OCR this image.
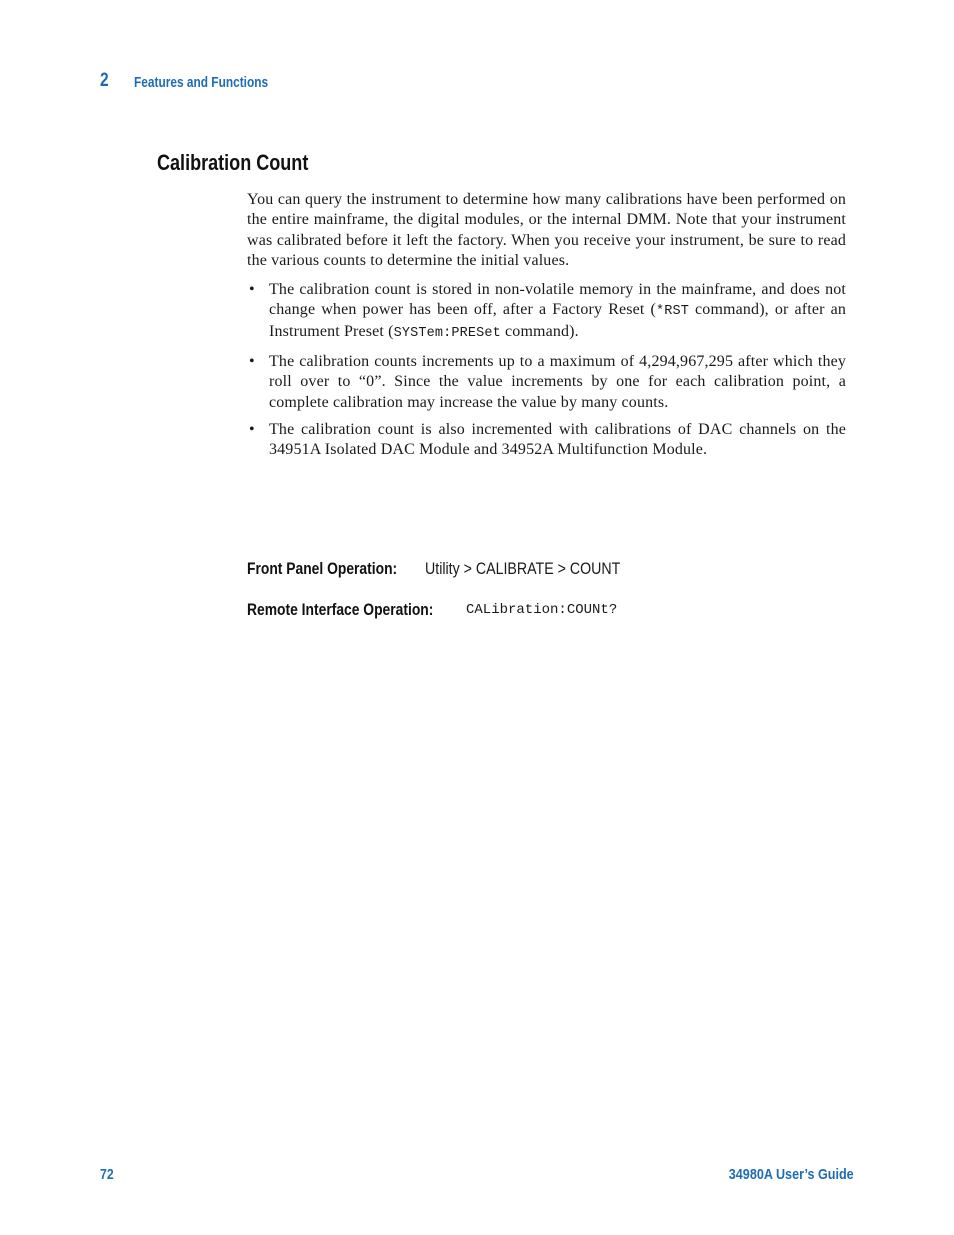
2 Features and Functions
Calibration Count

You can query the instrument to determine how many calibrations have been performed on the entire mainframe, the digital modules, or the internal DMM. Note that your instrument was calibrated before it left the factory. When you receive your instrument, be sure to read the various counts to determine the initial values.

• The calibration count is stored in non-volatile memory in the mainframe, and does not change when power has been off, after a Factory Reset (*RST command), or after an Instrument Preset (SYSTem:PRESet command).
• The calibration counts increments up to a maximum of 4,294,967,295 after which they roll over to “0”. Since the value increments by one for each calibration point, a complete calibration may increase the value by many counts.
• The calibration count is also incremented with calibrations of DAC channels on the 34951A Isolated DAC Module and 34952A Multifunction Module.
Front Panel Operation:	Utility > CALIBRATE > COUNT
Remote Interface Operation:	CALibration:COUNt?
72	34980A User’s Guide
